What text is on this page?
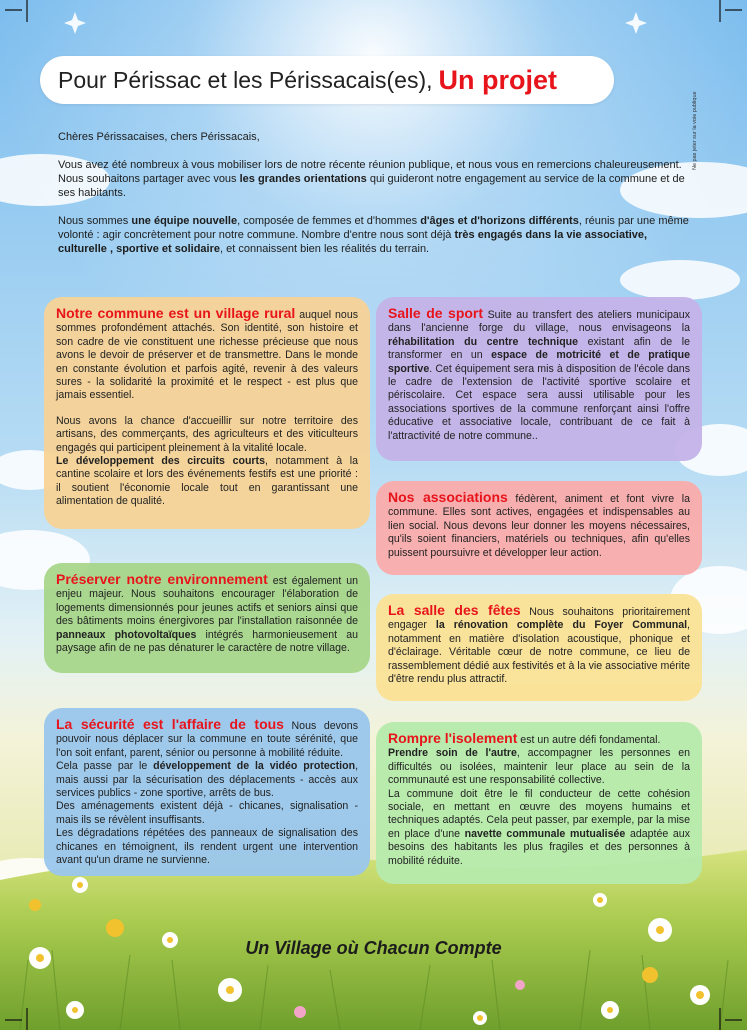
Pour Périssac et les Périssacais(es), Un projet
Ne pas jeter sur la voie publique

Chères Périssacaises, chers Périssacais,

Vous avez été nombreux à vous mobiliser lors de notre récente réunion publique, et nous vous en remercions chaleureusement. Nous souhaitons partager avec vous les grandes orientations qui guideront notre engagement au service de la commune et de ses habitants.

Nous sommes une équipe nouvelle, composée de femmes et d'hommes d'âges et d'horizons différents, réunis par une même volonté : agir concrètement pour notre commune. Nombre d'entre nous sont déjà très engagés dans la vie associative, culturelle , sportive et solidaire, et connaissent bien les réalités du terrain.

Notre commune est un village rural auquel nous sommes profondément attachés. Son identité, son histoire et son cadre de vie constituent une richesse précieuse que nous avons le devoir de préserver et de transmettre. Dans le monde en constante évolution et parfois agité, revenir à des valeurs sures - la solidarité la proximité et le respect - est plus que jamais essentiel.

Nous avons la chance d'accueillir sur notre territoire des artisans, des commerçants, des agriculteurs et des viticulteurs engagés qui participent pleinement à la vitalité locale.

Le développement des circuits courts, notamment à la cantine scolaire et lors des événements festifs est une priorité : il soutient l'économie locale tout en garantissant une alimentation de qualité.

Préserver notre environnement est également un enjeu majeur. Nous souhaitons encourager l'élaboration de logements dimensionnés pour jeunes actifs et seniors ainsi que des bâtiments moins énergivores par l'installation raisonnée de panneaux photovoltaïques intégrés harmonieusement au paysage afin de ne pas dénaturer le caractère de notre village.

La sécurité est l'affaire de tous Nous devons pouvoir nous déplacer sur la commune en toute sérénité, que l'on soit enfant, parent, sénior ou personne à mobilité réduite.

Cela passe par le développement de la vidéo protection, mais aussi par la sécurisation des déplacements - accès aux services publics - zone sportive, arrêts de bus.

Des aménagements existent déjà - chicanes, signalisation - mais ils se révèlent insuffisants.

Les dégradations répétées des panneaux de signalisation des chicanes en témoignent, ils rendent urgent une intervention avant qu'un drame ne survienne.

Salle de sport Suite au transfert des ateliers municipaux dans l'ancienne forge du village, nous envisageons la réhabilitation du centre technique existant afin de le transformer en un espace de motricité et de pratique sportive. Cet équipement sera mis à disposition de l'école dans le cadre de l'extension de l'activité sportive scolaire et périscolaire. Cet espace sera aussi utilisable pour les associations sportives de la commune renforçant ainsi l'offre éducative et associative locale, contribuant de ce fait à l'attractivité de notre commune..

Nos associations fédèrent, animent et font vivre la commune. Elles sont actives, engagées et indispensables au lien social. Nous devons leur donner les moyens nécessaires, qu'ils soient financiers, matériels ou techniques, afin qu'elles puissent poursuivre et développer leur action.

La salle des fêtes Nous souhaitons prioritairement engager la rénovation complète du Foyer Communal, notamment en matière d'isolation acoustique, phonique et d'éclairage. Véritable cœur de notre commune, ce lieu de rassemblement dédié aux festivités et à la vie associative mérite d'être rendu plus attractif.

Rompre l'isolement est un autre défi fondamental.

Prendre soin de l'autre, accompagner les personnes en difficultés ou isolées, maintenir leur place au sein de la communauté est une responsabilité collective.

La commune doit être le fil conducteur de cette cohésion sociale, en mettant en œuvre des moyens humains et techniques adaptés. Cela peut passer, par exemple, par la mise en place d'une navette communale mutualisée adaptée aux besoins des habitants les plus fragiles et des personnes à mobilité réduite.

Un Village où Chacun Compte
